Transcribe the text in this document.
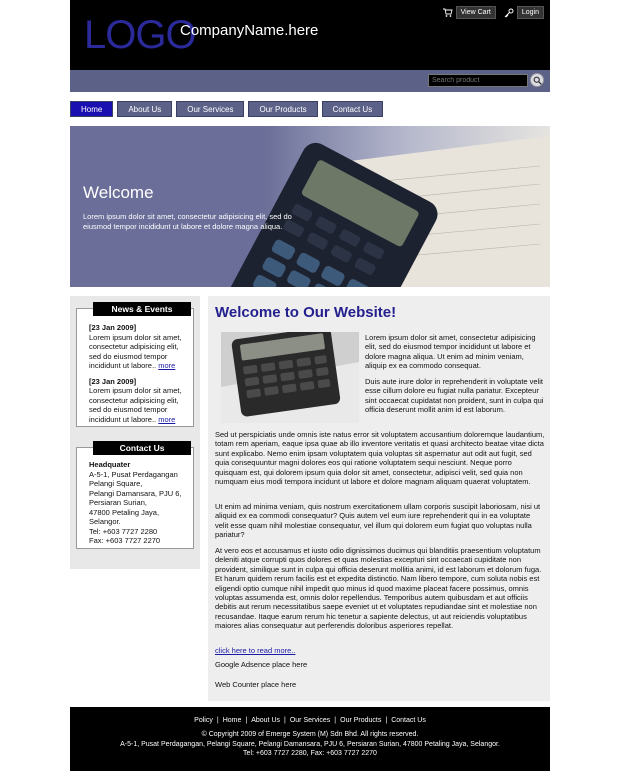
LOGO
CompanyName.here
View Cart	Login
Search product
Home	About Us	Our Services	Our Products	Contact Us
Welcome
Lorem ipsum dolor sit amet, consectetur adipisicing elit, sed do eiusmod tempor incididunt ut labore et dolore magna aliqua.
News & Events
[23 Jan 2009]
Lorem ipsum dolor sit amet, consectetur adipisicing elit, sed do eiusmod tempor incididunt ut labore.. more
[23 Jan 2009]
Lorem ipsum dolor sit amet, consectetur adipisicing elit, sed do eiusmod tempor incididunt ut labore.. more
Contact Us
Headquater
A-5-1, Pusat Perdagangan
Pelangi Square,
Pelangi Damansara, PJU 6,
Persiaran Surian,
47800 Petaling Jaya,
Selangor.
Tel: +603 7727 2280
Fax: +603 7727 2270
Welcome to Our Website!
Lorem ipsum dolor sit amet, consectetur adipisicing elit, sed do eiusmod tempor incididunt ut labore et dolore magna aliqua. Ut enim ad minim veniam, aliquip ex ea commodo consequat.
Duis aute irure dolor in reprehenderit in voluptate velit esse cillum dolore eu fugiat nulla pariatur. Excepteur sint occaecat cupidatat non proident, sunt in culpa qui officia deserunt mollit anim id est laborum.
Sed ut perspiciatis unde omnis iste natus error sit voluptatem accusantium doloremque laudantium, totam rem aperiam, eaque ipsa quae ab illo inventore veritatis et quasi architecto beatae vitae dicta sunt explicabo. Nemo enim ipsam voluptatem quia voluptas sit aspernatur aut odit aut fugit, sed quia consequuntur magni dolores eos qui ratione voluptatem sequi nesciunt. Neque porro quisquam est, qui dolorem ipsum quia dolor sit amet, consectetur, adipisci velit, sed quia non numquam eius modi tempora incidunt ut labore et dolore magnam aliquam quaerat voluptatem.
Ut enim ad minima veniam, quis nostrum exercitationem ullam corporis suscipit laboriosam, nisi ut aliquid ex ea commodi consequatur? Quis autem vel eum iure reprehenderit qui in ea voluptate velit esse quam nihil molestiae consequatur, vel illum qui dolorem eum fugiat quo voluptas nulla pariatur?
At vero eos et accusamus et iusto odio dignissimos ducimus qui blanditiis praesentium voluptatum deleniti atque corrupti quos dolores et quas molestias excepturi sint occaecati cupiditate non provident, similique sunt in culpa qui officia deserunt mollitia animi, id est laborum et dolorum fuga. Et harum quidem rerum facilis est et expedita distinctio. Nam libero tempore, cum soluta nobis est eligendi optio cumque nihil impedit quo minus id quod maxime placeat facere possimus, omnis voluptas assumenda est, omnis dolor repellendus. Temporibus autem quibusdam et aut officiis debitis aut rerum necessitatibus saepe eveniet ut et voluptates repudiandae sint et molestiae non recusandae. Itaque earum rerum hic tenetur a sapiente delectus, ut aut reiciendis voluptatibus maiores alias consequatur aut perferendis doloribus asperiores repellat.
click here to read more..
Google Adsence place here
Web Counter place here
Policy | Home | About Us | Our Services | Our Products | Contact Us
© Copyright 2009 of Emerge System (M) Sdn Bhd. All rights reserved.
A-5-1, Pusat Perdagangan, Pelangi Square, Pelangi Damansara, PJU 6, Persiaran Surian, 47800 Petaling Jaya, Selangor.
Tel: +603 7727 2280, Fax: +603 7727 2270
